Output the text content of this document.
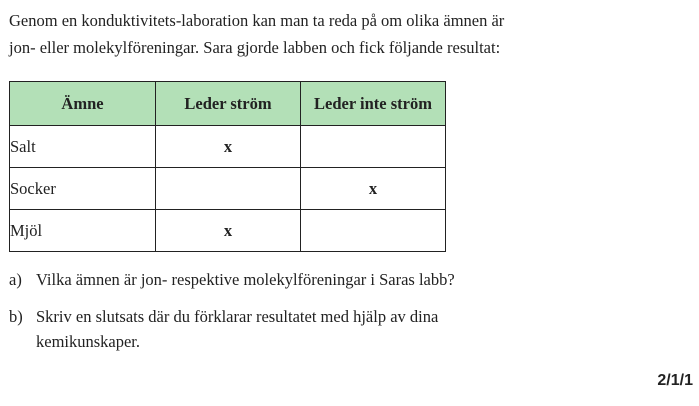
Genom en konduktivitets-laboration kan man ta reda på om olika ämnen är

jon- eller molekylföreningar. Sara gjorde labben och fick följande resultat:

Ämne	Leder ström	Leder inte ström
Salt	x	
Socker		x
Mjöl	x	
a) Vilka ämnen är jon- respektive molekylföreningar i Saras labb?
b) Skriv en slutsats där du förklarar resultatet med hjälp av dina kemikunskaper.
2/1/1
